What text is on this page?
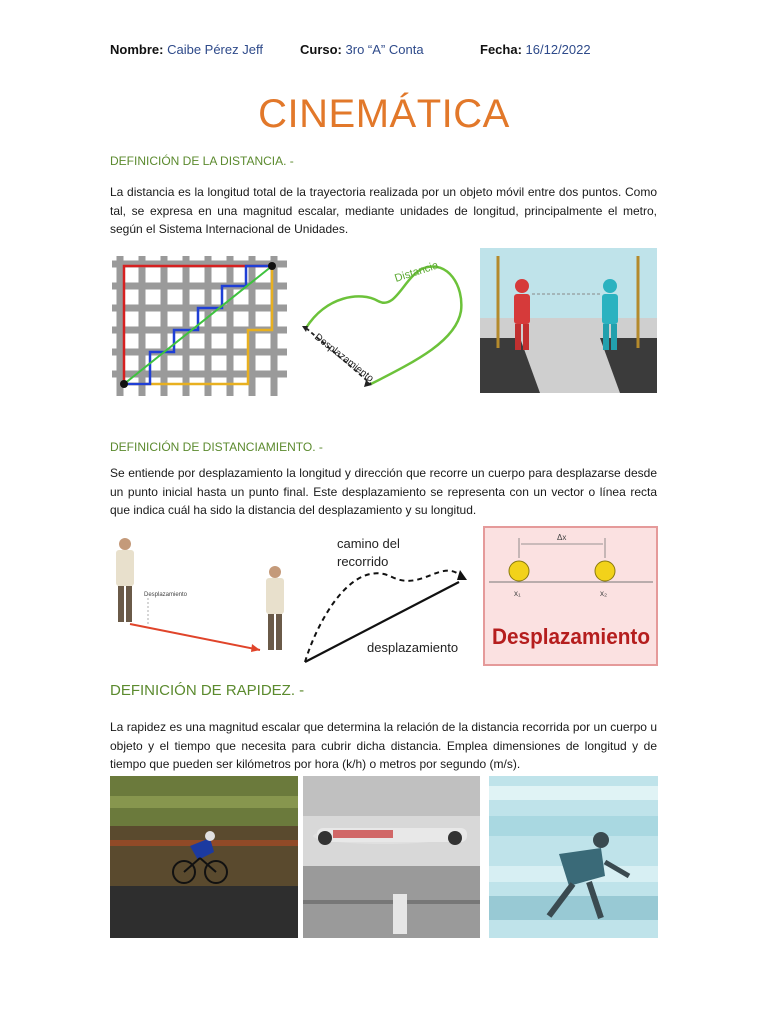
Nombre: Caibe Pérez Jeff	Curso: 3ro “A” Conta	Fecha: 16/12/2022
CINEMÁTICA
DEFINICIÓN DE LA DISTANCIA. -
La distancia es la longitud total de la trayectoria realizada por un objeto móvil entre dos puntos. Como tal, se expresa en una magnitud escalar, mediante unidades de longitud, principalmente el metro, según el Sistema Internacional de Unidades.
Distancia
Desplazamiento
DEFINICIÓN DE DISTANCIAMIENTO. -
Se entiende por desplazamiento la longitud y dirección que recorre un cuerpo para desplazarse desde un punto inicial hasta un punto final. Este desplazamiento se representa con un vector o línea recta que indica cuál ha sido la distancia del desplazamiento y su longitud.
Desplazamiento
camino del
recorrido
desplazamiento
Δx
x₁	x₂
Desplazamiento
DEFINICIÓN DE RAPIDEZ. -
La rapidez es una magnitud escalar que determina la relación de la distancia recorrida por un cuerpo u objeto y el tiempo que necesita para cubrir dicha distancia. Emplea dimensiones de longitud y de tiempo que pueden ser kilómetros por hora (k/h) o metros por segundo (m/s).
